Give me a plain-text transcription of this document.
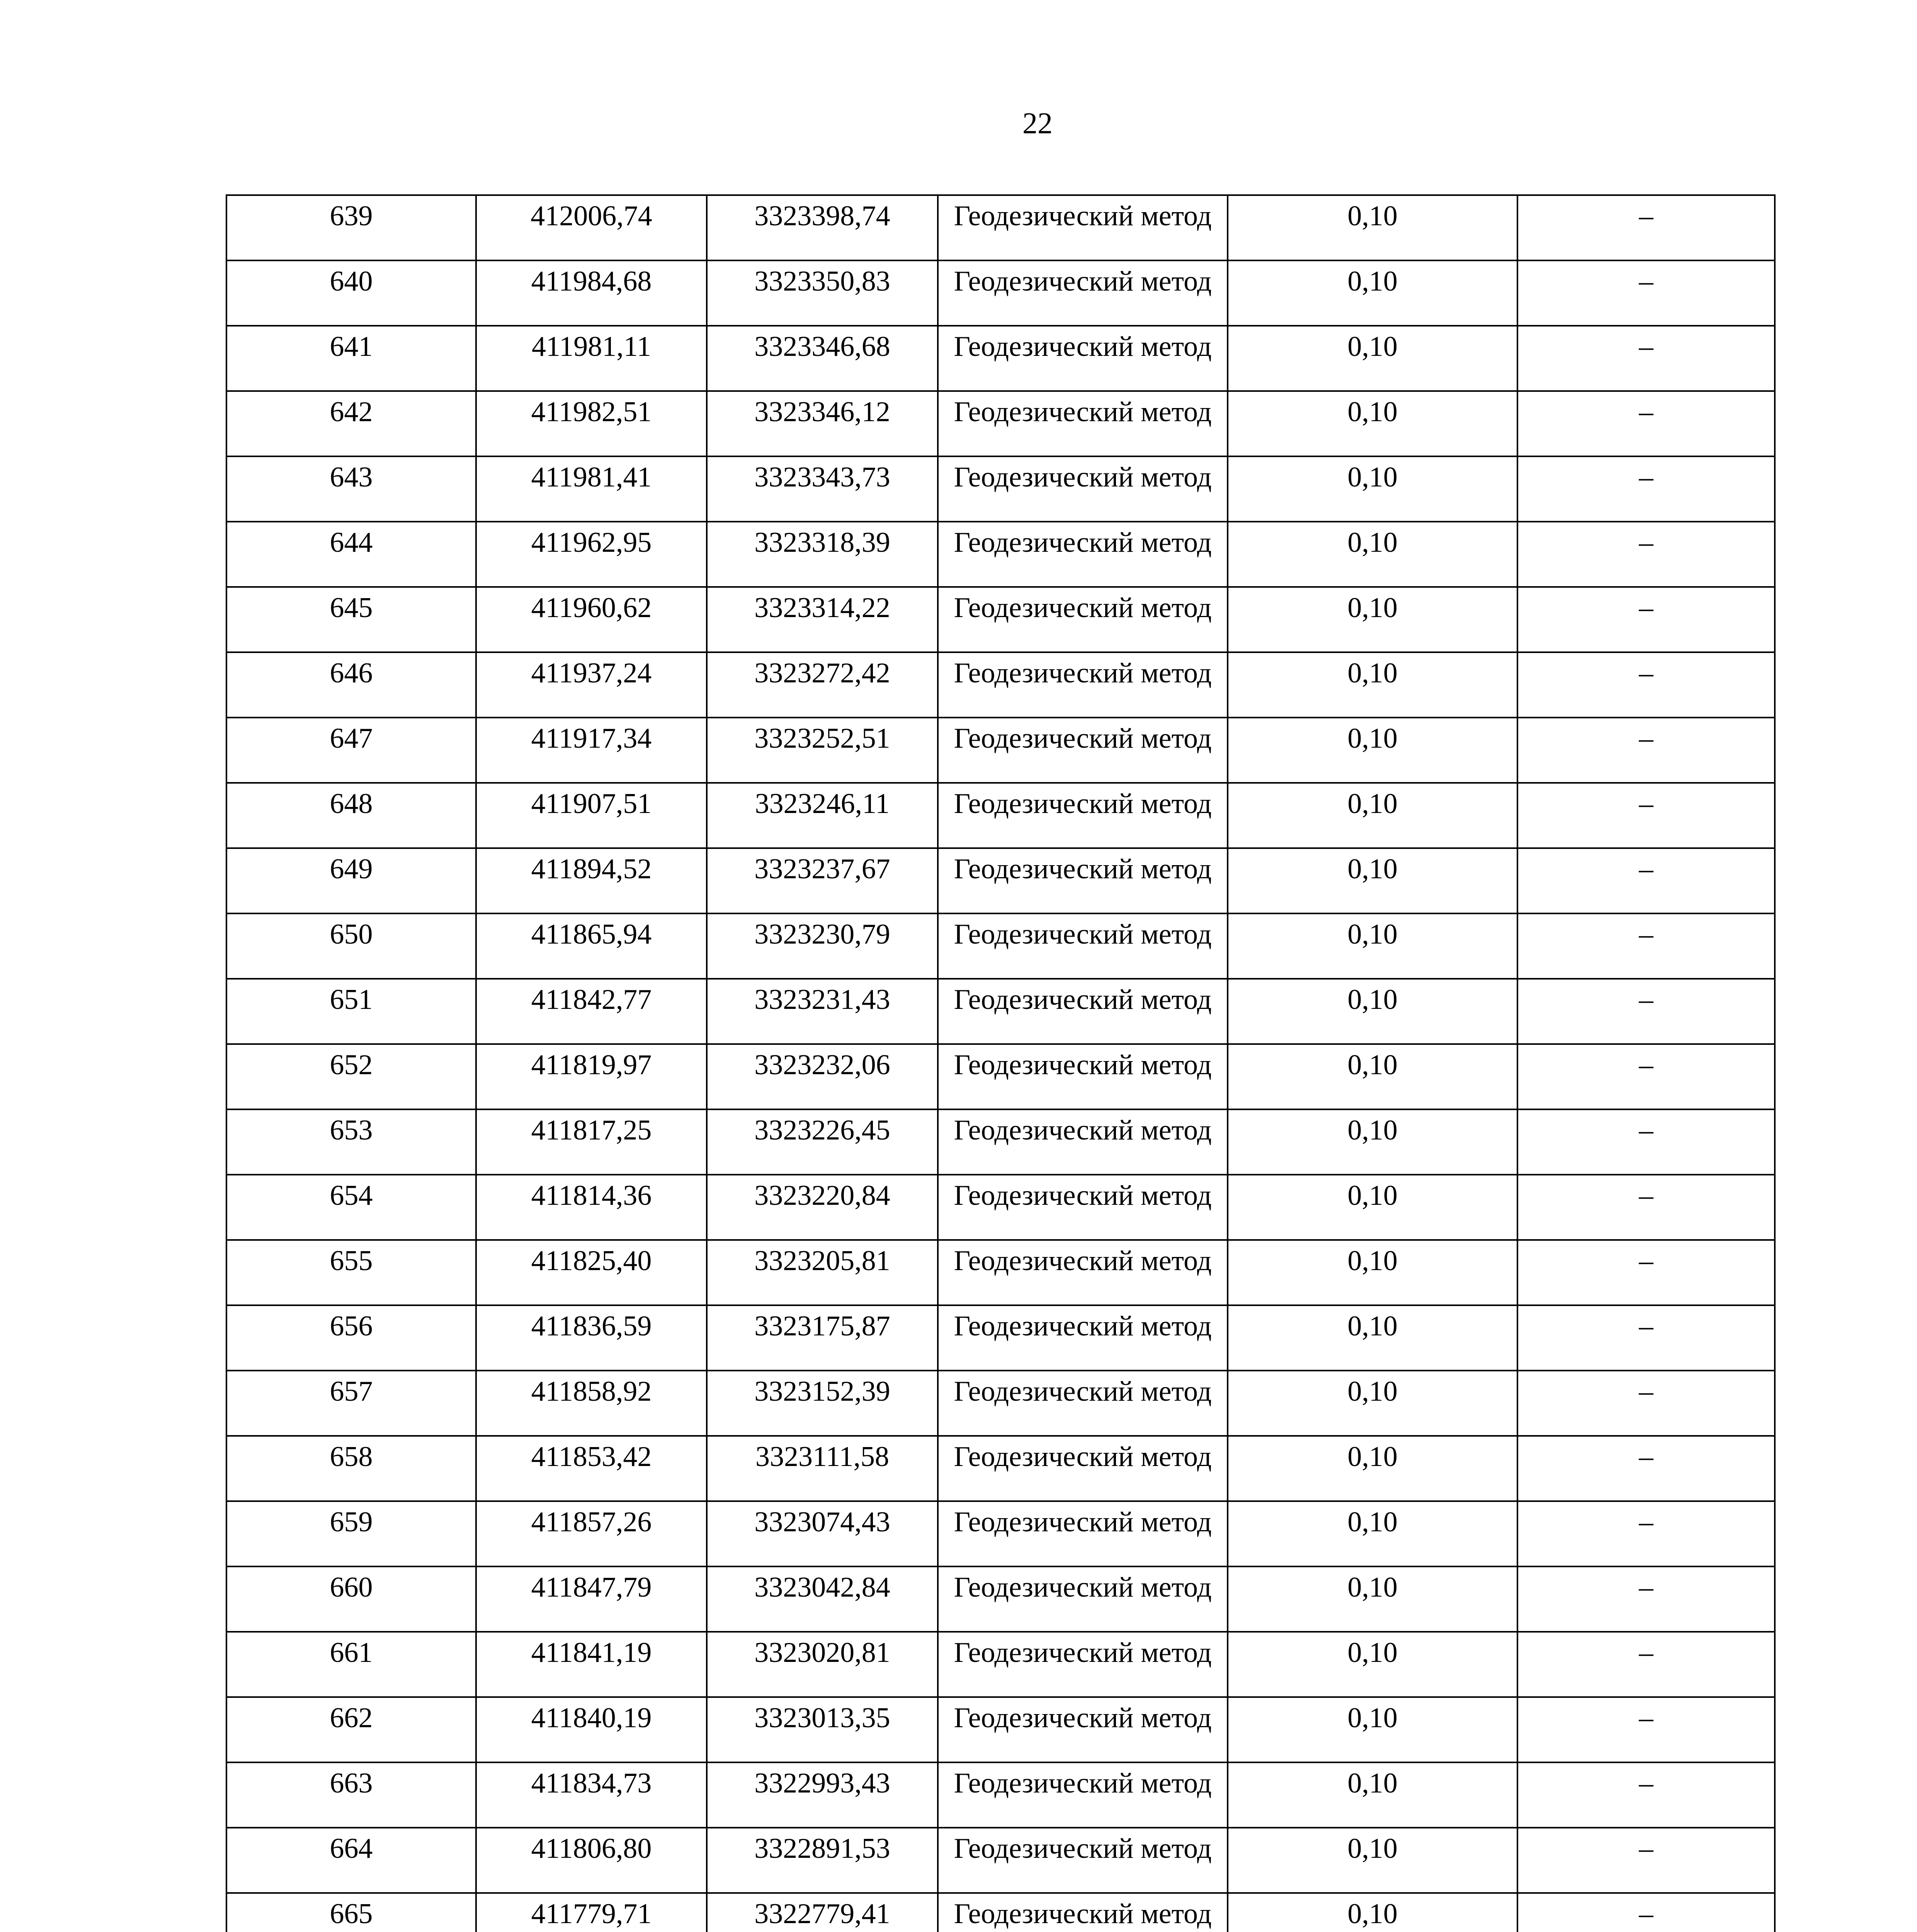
22
639	412006,74	3323398,74	Геодезический метод	0,10	–
640	411984,68	3323350,83	Геодезический метод	0,10	–
641	411981,11	3323346,68	Геодезический метод	0,10	–
642	411982,51	3323346,12	Геодезический метод	0,10	–
643	411981,41	3323343,73	Геодезический метод	0,10	–
644	411962,95	3323318,39	Геодезический метод	0,10	–
645	411960,62	3323314,22	Геодезический метод	0,10	–
646	411937,24	3323272,42	Геодезический метод	0,10	–
647	411917,34	3323252,51	Геодезический метод	0,10	–
648	411907,51	3323246,11	Геодезический метод	0,10	–
649	411894,52	3323237,67	Геодезический метод	0,10	–
650	411865,94	3323230,79	Геодезический метод	0,10	–
651	411842,77	3323231,43	Геодезический метод	0,10	–
652	411819,97	3323232,06	Геодезический метод	0,10	–
653	411817,25	3323226,45	Геодезический метод	0,10	–
654	411814,36	3323220,84	Геодезический метод	0,10	–
655	411825,40	3323205,81	Геодезический метод	0,10	–
656	411836,59	3323175,87	Геодезический метод	0,10	–
657	411858,92	3323152,39	Геодезический метод	0,10	–
658	411853,42	3323111,58	Геодезический метод	0,10	–
659	411857,26	3323074,43	Геодезический метод	0,10	–
660	411847,79	3323042,84	Геодезический метод	0,10	–
661	411841,19	3323020,81	Геодезический метод	0,10	–
662	411840,19	3323013,35	Геодезический метод	0,10	–
663	411834,73	3322993,43	Геодезический метод	0,10	–
664	411806,80	3322891,53	Геодезический метод	0,10	–
665	411779,71	3322779,41	Геодезический метод	0,10	–
